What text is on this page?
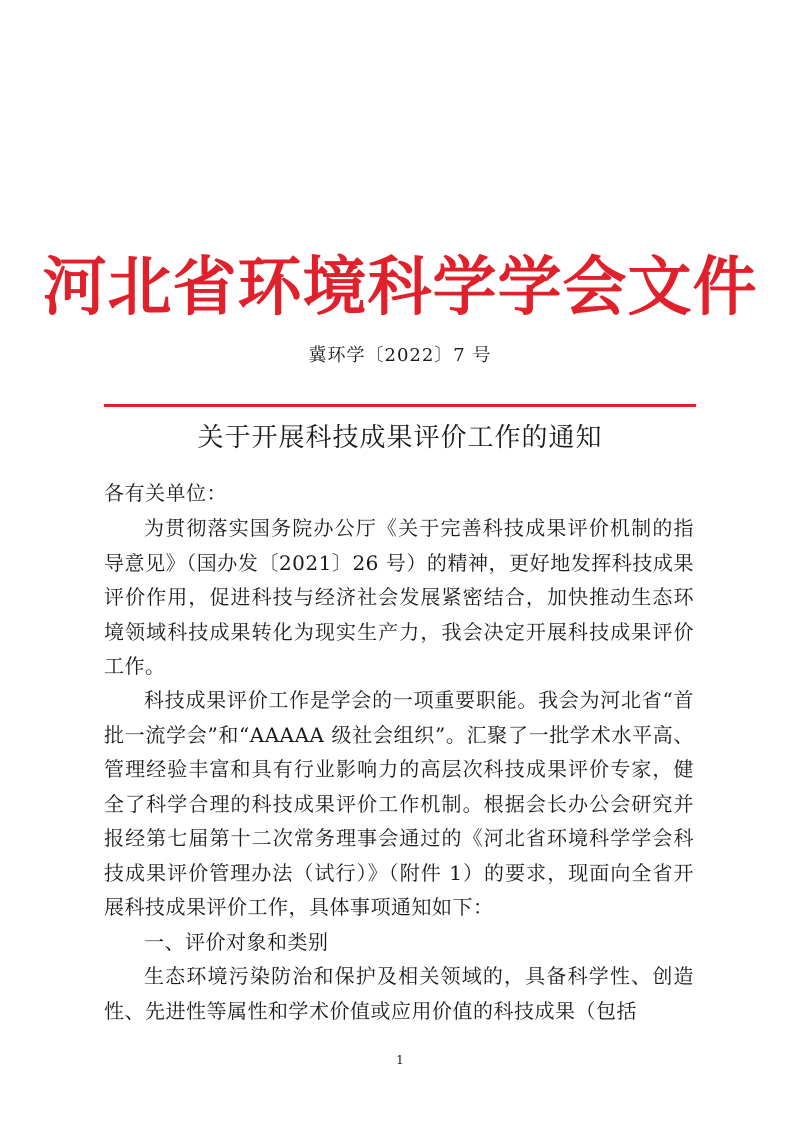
河北省环境科学学会文件
冀环学〔2022〕7 号
关于开展科技成果评价工作的通知
各有关单位：
为贯彻落实国务院办公厅《关于完善科技成果评价机制的指导意见》（国办发〔2021〕26 号）的精神，更好地发挥科技成果评价作用，促进科技与经济社会发展紧密结合，加快推动生态环境领域科技成果转化为现实生产力，我会决定开展科技成果评价工作。
科技成果评价工作是学会的一项重要职能。我会为河北省“首批一流学会”和“AAAAA 级社会组织”。汇聚了一批学术水平高、管理经验丰富和具有行业影响力的高层次科技成果评价专家，健全了科学合理的科技成果评价工作机制。根据会长办公会研究并报经第七届第十二次常务理事会通过的《河北省环境科学学会科技成果评价管理办法（试行）》（附件 1）的要求，现面向全省开展科技成果评价工作，具体事项通知如下：
一、评价对象和类别
生态环境污染防治和保护及相关领域的，具备科学性、创造性、先进性等属性和学术价值或应用价值的科技成果（包括
1
